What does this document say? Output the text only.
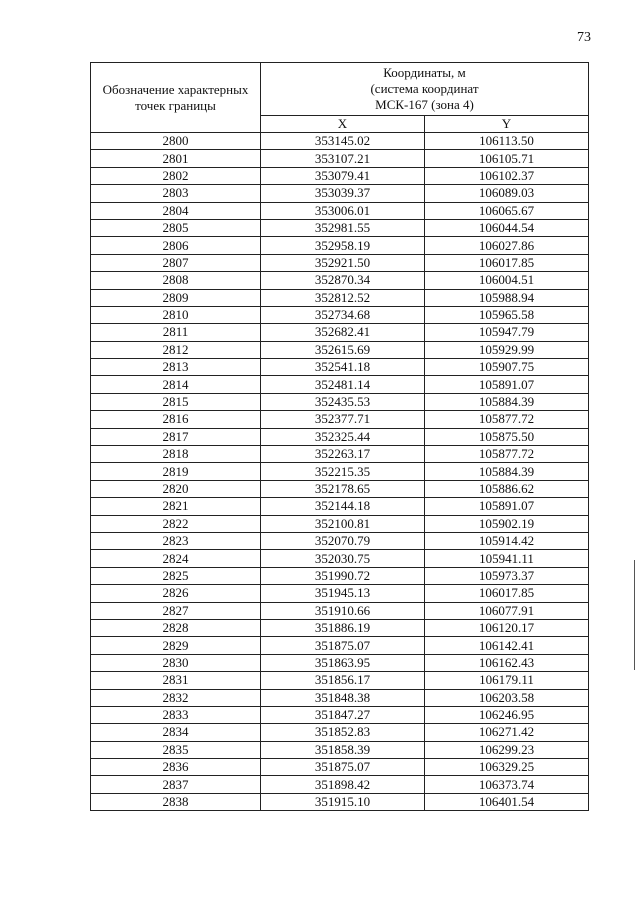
73
Обозначение характерных точек границы	Координаты, м
(система координат
МСК-167 (зона 4)	

	X	Y
2800	353145.02	106113.50
2801	353107.21	106105.71
2802	353079.41	106102.37
2803	353039.37	106089.03
2804	353006.01	106065.67
2805	352981.55	106044.54
2806	352958.19	106027.86
2807	352921.50	106017.85
2808	352870.34	106004.51
2809	352812.52	105988.94
2810	352734.68	105965.58
2811	352682.41	105947.79
2812	352615.69	105929.99
2813	352541.18	105907.75
2814	352481.14	105891.07
2815	352435.53	105884.39
2816	352377.71	105877.72
2817	352325.44	105875.50
2818	352263.17	105877.72
2819	352215.35	105884.39
2820	352178.65	105886.62
2821	352144.18	105891.07
2822	352100.81	105902.19
2823	352070.79	105914.42
2824	352030.75	105941.11
2825	351990.72	105973.37
2826	351945.13	106017.85
2827	351910.66	106077.91
2828	351886.19	106120.17
2829	351875.07	106142.41
2830	351863.95	106162.43
2831	351856.17	106179.11
2832	351848.38	106203.58
2833	351847.27	106246.95
2834	351852.83	106271.42
2835	351858.39	106299.23
2836	351875.07	106329.25
2837	351898.42	106373.74
2838	351915.10	106401.54
